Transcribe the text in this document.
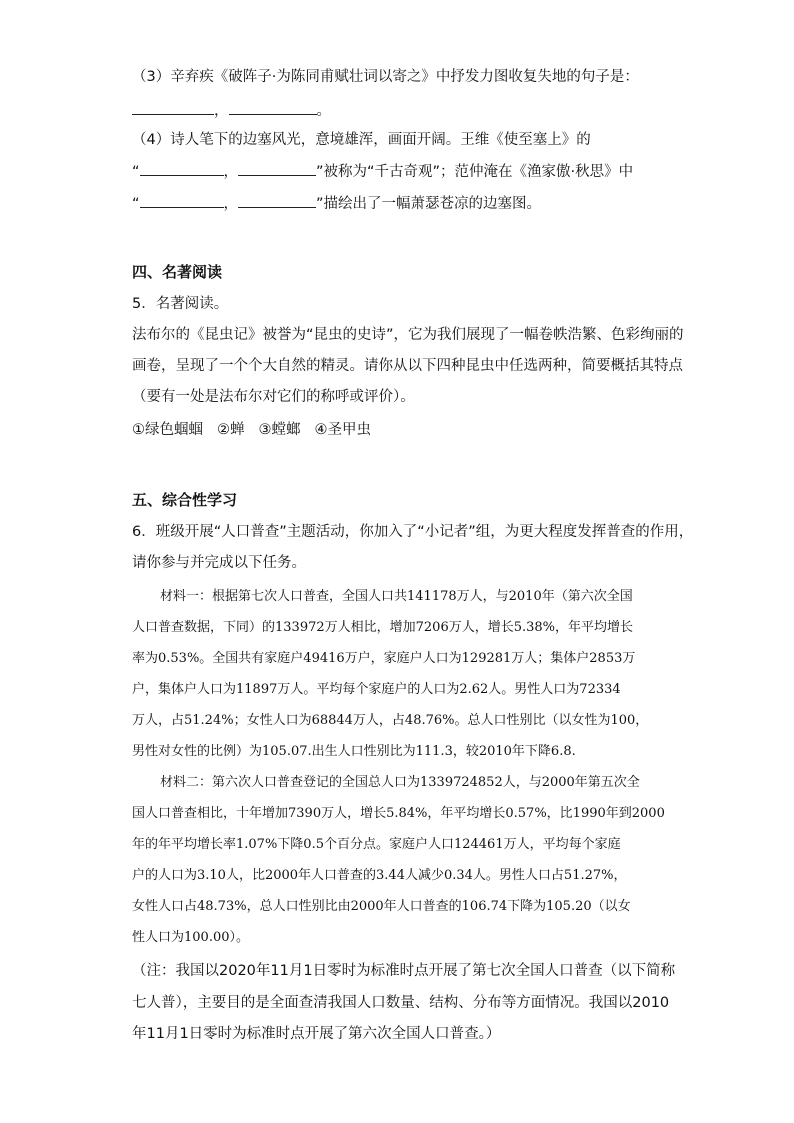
（3）辛弃疾《破阵子·为陈同甫赋壮词以寄之》中抒发力图收复失地的句子是：
，	。
（4）诗人笔下的边塞风光，意境雄浑，画面开阔。王维《使至塞上》的
“	，	”被称为“千古奇观”；范仲淹在《渔家傲·秋思》中
“	，	”描绘出了一幅萧瑟苍凉的边塞图。
四、名著阅读
5．名著阅读。
法布尔的《昆虫记》被誉为“昆虫的史诗”，它为我们展现了一幅卷帙浩繁、色彩绚丽的
画卷，呈现了一个个大自然的精灵。请你从以下四种昆虫中任选两种，简要概括其特点
（要有一处是法布尔对它们的称呼或评价）。
①绿色蝈蝈 ②蝉 ③螳螂 ④圣甲虫
五、综合性学习
6．班级开展“人口普查”主题活动，你加入了“小记者”组，为更大程度发挥普查的作用，
请你参与并完成以下任务。
材料一：根据第七次人口普查，全国人口共141178万人，与2010年（第六次全国
人口普查数据，下同）的133972万人相比，增加7206万人，增长5.38%，年平均增长
率为0.53%。全国共有家庭户49416万户，家庭户人口为129281万人；集体户2853万
户，集体户人口为11897万人。平均每个家庭户的人口为2.62人。男性人口为72334
万人，占51.24%；女性人口为68844万人，占48.76%。总人口性别比（以女性为100，
男性对女性的比例）为105.07.出生人口性别比为111.3，较2010年下降6.8.
材料二：第六次人口普查登记的全国总人口为1339724852人，与2000年第五次全
国人口普查相比，十年增加7390万人，增长5.84%，年平均增长0.57%，比1990年到2000
年的年平均增长率1.07%下降0.5个百分点。家庭户人口124461万人，平均每个家庭
户的人口为3.10人，比2000年人口普查的3.44人减少0.34人。男性人口占51.27%，
女性人口占48.73%，总人口性别比由2000年人口普查的106.74下降为105.20（以女
性人口为100.00）。
（注：我国以2020年11月1日零时为标准时点开展了第七次全国人口普查（以下简称
七人普），主要目的是全面查清我国人口数量、结构、分布等方面情况。我国以2010
年11月1日零时为标准时点开展了第六次全国人口普查。）
